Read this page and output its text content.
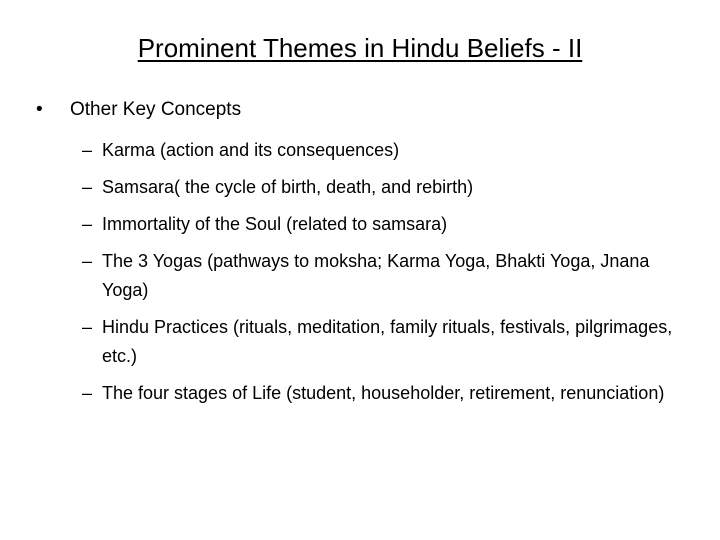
Prominent Themes in Hindu Beliefs - II
•	Other Key Concepts
– Karma (action and its consequences)
– Samsara( the cycle of birth, death, and rebirth)
– Immortality of the Soul (related to samsara)
– The 3 Yogas (pathways to moksha; Karma Yoga, Bhakti Yoga, Jnana Yoga)
– Hindu Practices (rituals, meditation, family rituals, festivals, pilgrimages, etc.)
– The four stages of Life (student, householder, retirement, renunciation)
